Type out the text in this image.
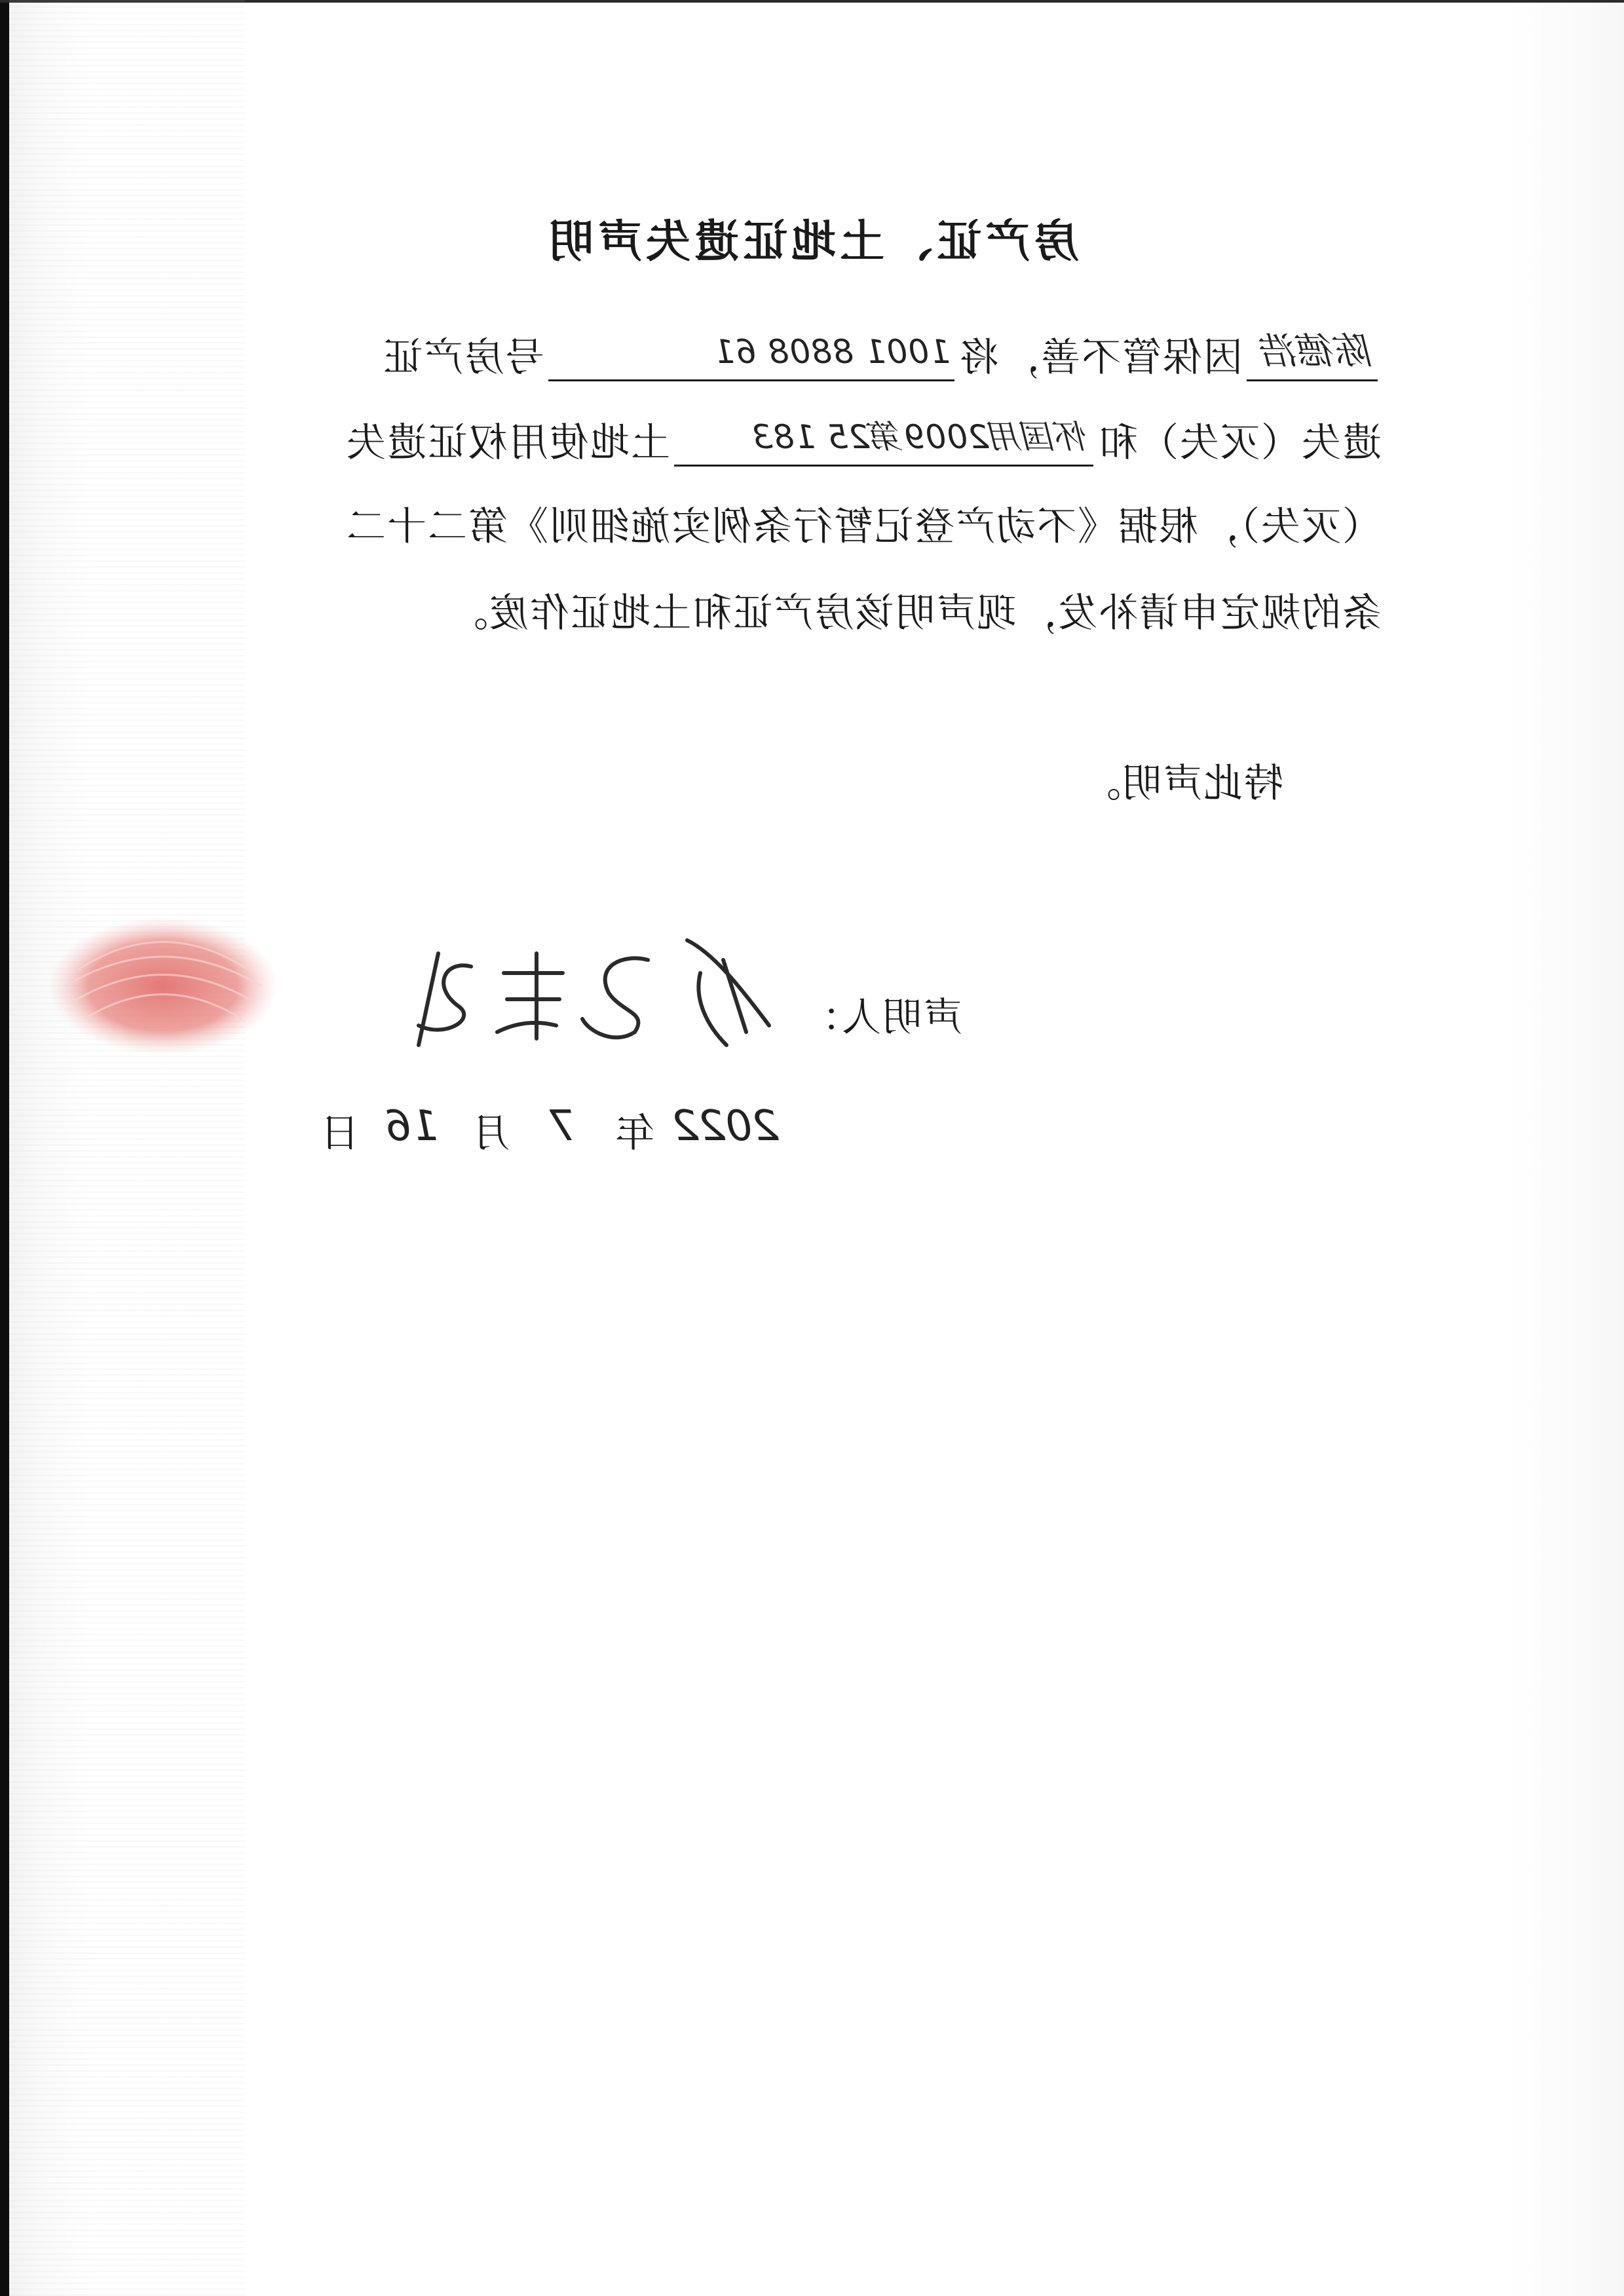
房产证、土地证遗失声明
陈德浩
因保管不善，将
1001 8808 61
号房产证
遗失（灭失）和
怀国用2009第25 183
土地使用权证遗失
（灭失），根据《不动产登记暂行条例实施细则》第二十二
条的规定申请补发，现声明该房产证和土地证作废。
特此声明。
声明人：
2022
年
7
月
16
日
